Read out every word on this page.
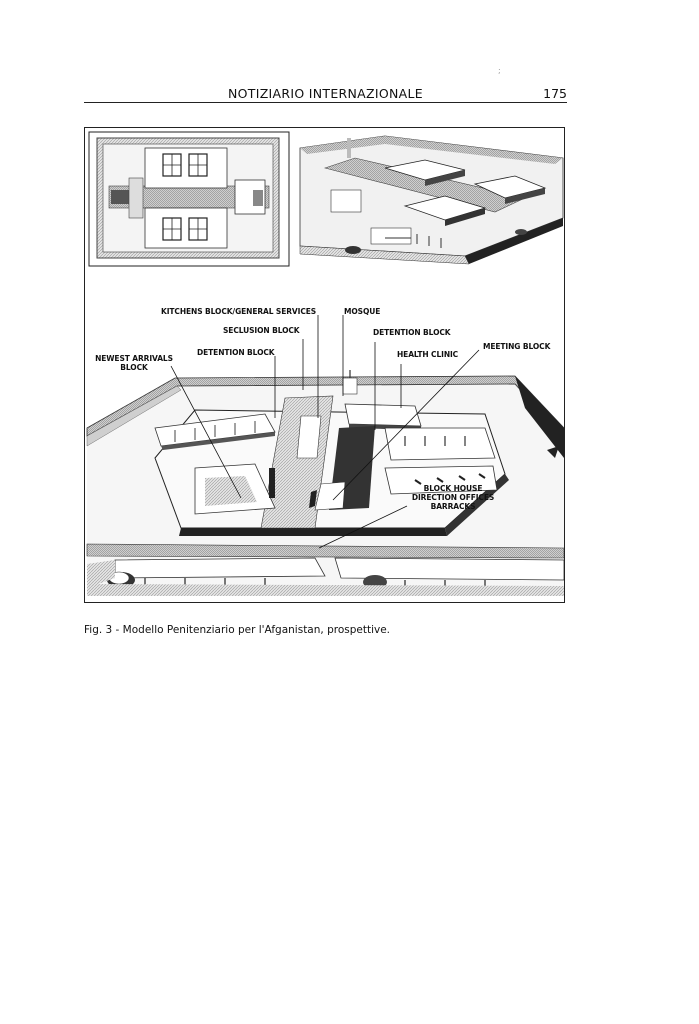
NOTIZIARIO INTERNAZIONALE	175
;
KITCHENS BLOCK/GENERAL SERVICES	MOSQUE
SECLUSION BLOCK	DETENTION BLOCK
MEETING BLOCK
NEWEST ARRIVALS
BLOCK
DETENTION BLOCK	HEALTH CLINIC
BLOCK HOUSE
DIRECTION OFFICES
BARRACKS
Fig. 3 - Modello Penitenziario per l'Afganistan, prospettive.
